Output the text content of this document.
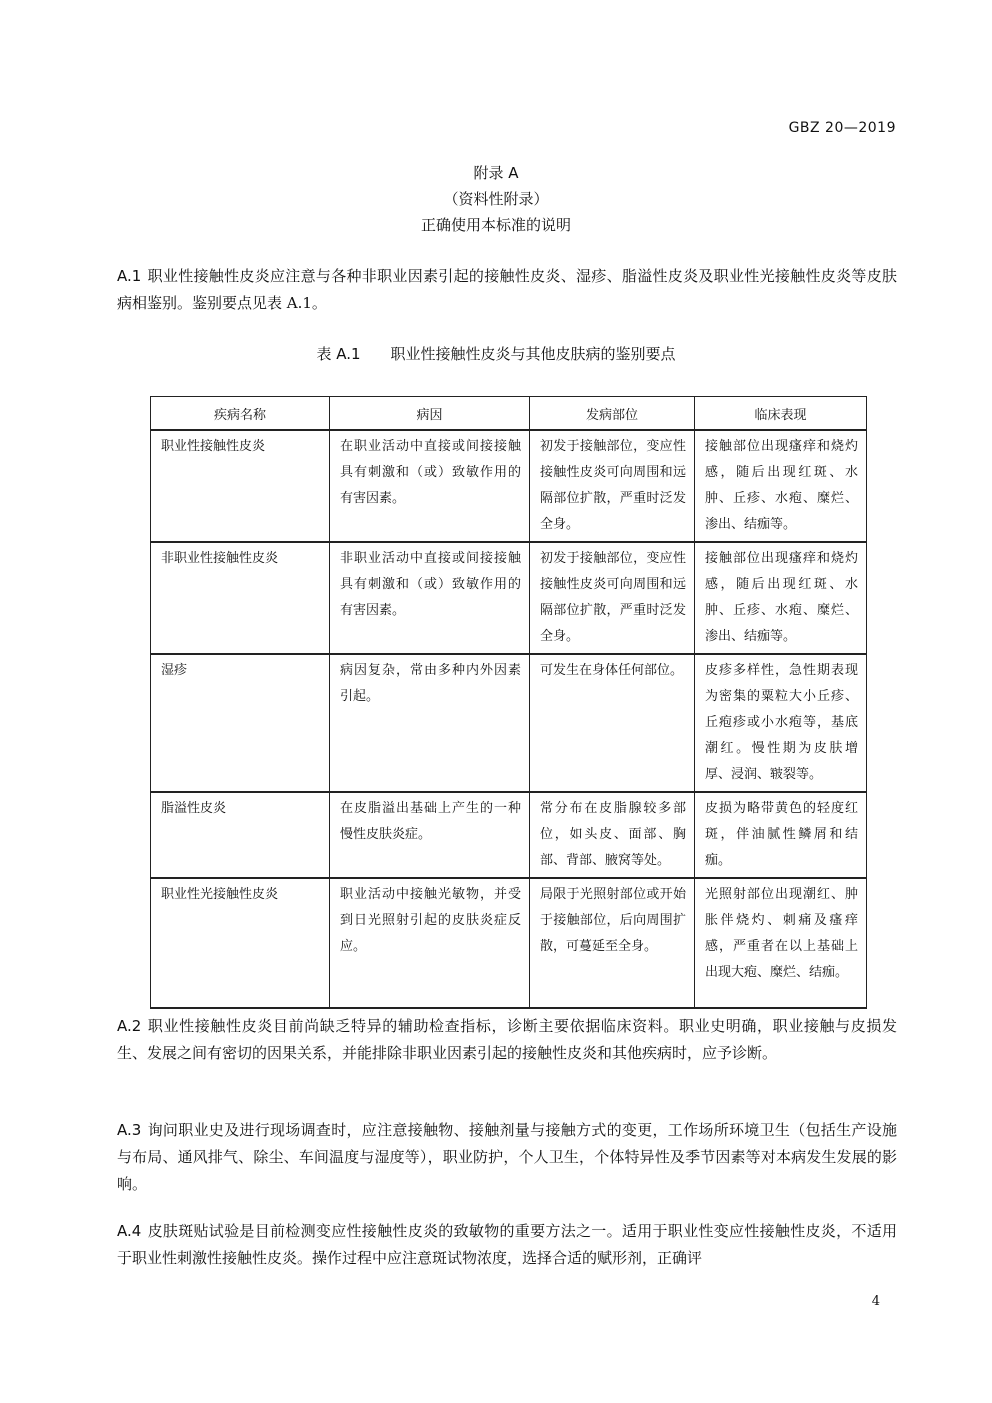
GBZ 20—2019
附录 A
（资料性附录）
正确使用本标准的说明
A.1 职业性接触性皮炎应注意与各种非职业因素引起的接触性皮炎、湿疹、脂溢性皮炎及职业性光接触性皮炎等皮肤病相鉴别。鉴别要点见表 A.1。
表 A.1 职业性接触性皮炎与其他皮肤病的鉴别要点
疾病名称	病因	发病部位	临床表现
职业性接触性皮炎	在职业活动中直接或间接接触具有刺激和（或）致敏作用的有害因素。	初发于接触部位，变应性接触性皮炎可向周围和远隔部位扩散，严重时泛发全身。	接触部位出现瘙痒和烧灼感，随后出现红斑、水肿、丘疹、水疱、糜烂、渗出、结痂等。
非职业性接触性皮炎	非职业活动中直接或间接接触具有刺激和（或）致敏作用的有害因素。	初发于接触部位，变应性接触性皮炎可向周围和远隔部位扩散，严重时泛发全身。	接触部位出现瘙痒和烧灼感，随后出现红斑、水肿、丘疹、水疱、糜烂、渗出、结痂等。
湿疹	病因复杂，常由多种内外因素引起。	可发生在身体任何部位。	皮疹多样性，急性期表现为密集的粟粒大小丘疹、丘疱疹或小水疱等，基底潮红。慢性期为皮肤增厚、浸润、皲裂等。
脂溢性皮炎	在皮脂溢出基础上产生的一种慢性皮肤炎症。	常分布在皮脂腺较多部位，如头皮、面部、胸部、背部、腋窝等处。	皮损为略带黄色的轻度红斑，伴油腻性鳞屑和结痂。
职业性光接触性皮炎	职业活动中接触光敏物，并受到日光照射引起的皮肤炎症反应。	局限于光照射部位或开始于接触部位，后向周围扩散，可蔓延至全身。	光照射部位出现潮红、肿胀伴烧灼、刺痛及瘙痒感，严重者在以上基础上出现大疱、糜烂、结痂。
A.2 职业性接触性皮炎目前尚缺乏特异的辅助检查指标，诊断主要依据临床资料。职业史明确，职业接触与皮损发生、发展之间有密切的因果关系，并能排除非职业因素引起的接触性皮炎和其他疾病时，应予诊断。
A.3 询问职业史及进行现场调查时，应注意接触物、接触剂量与接触方式的变更，工作场所环境卫生（包括生产设施与布局、通风排气、除尘、车间温度与湿度等），职业防护，个人卫生，个体特异性及季节因素等对本病发生发展的影响。
A.4 皮肤斑贴试验是目前检测变应性接触性皮炎的致敏物的重要方法之一。适用于职业性变应性接触性皮炎，不适用于职业性刺激性接触性皮炎。操作过程中应注意斑试物浓度，选择合适的赋形剂，正确评
4
